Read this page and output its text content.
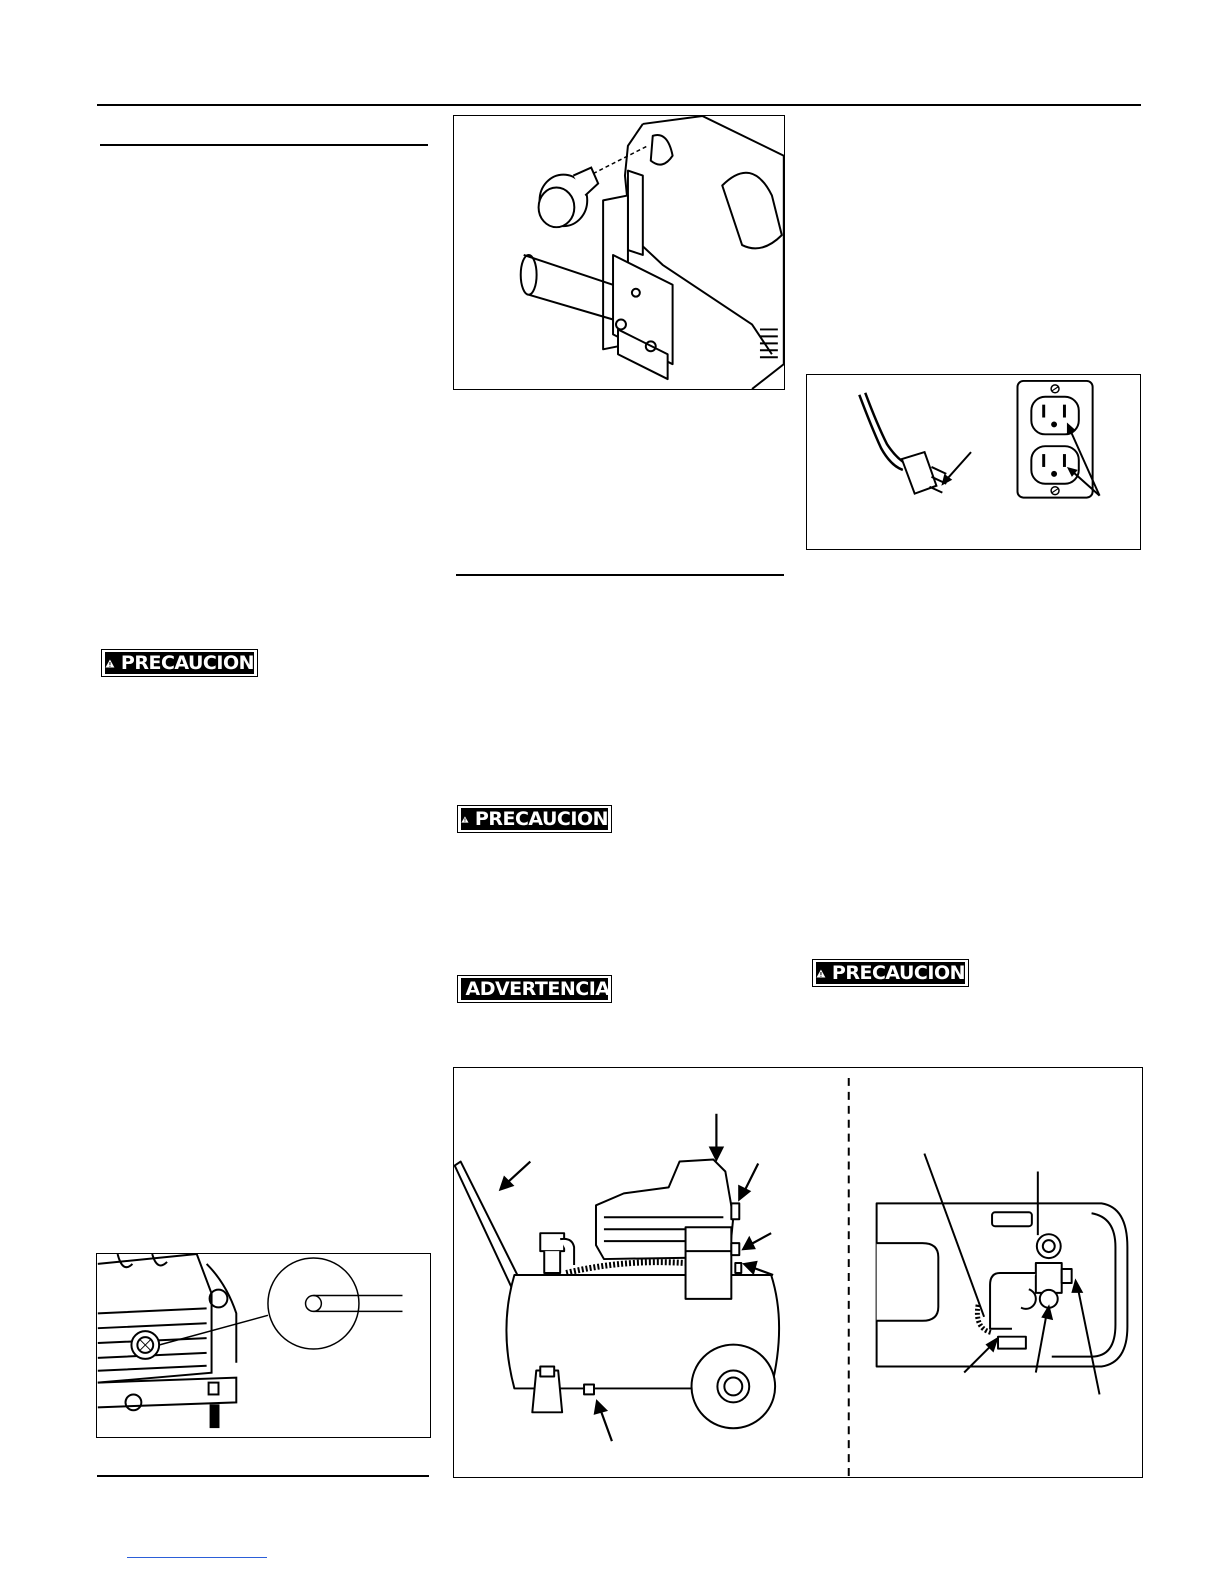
PRECAUCION
PRECAUCION
ADVERTENCIA
PRECAUCION
